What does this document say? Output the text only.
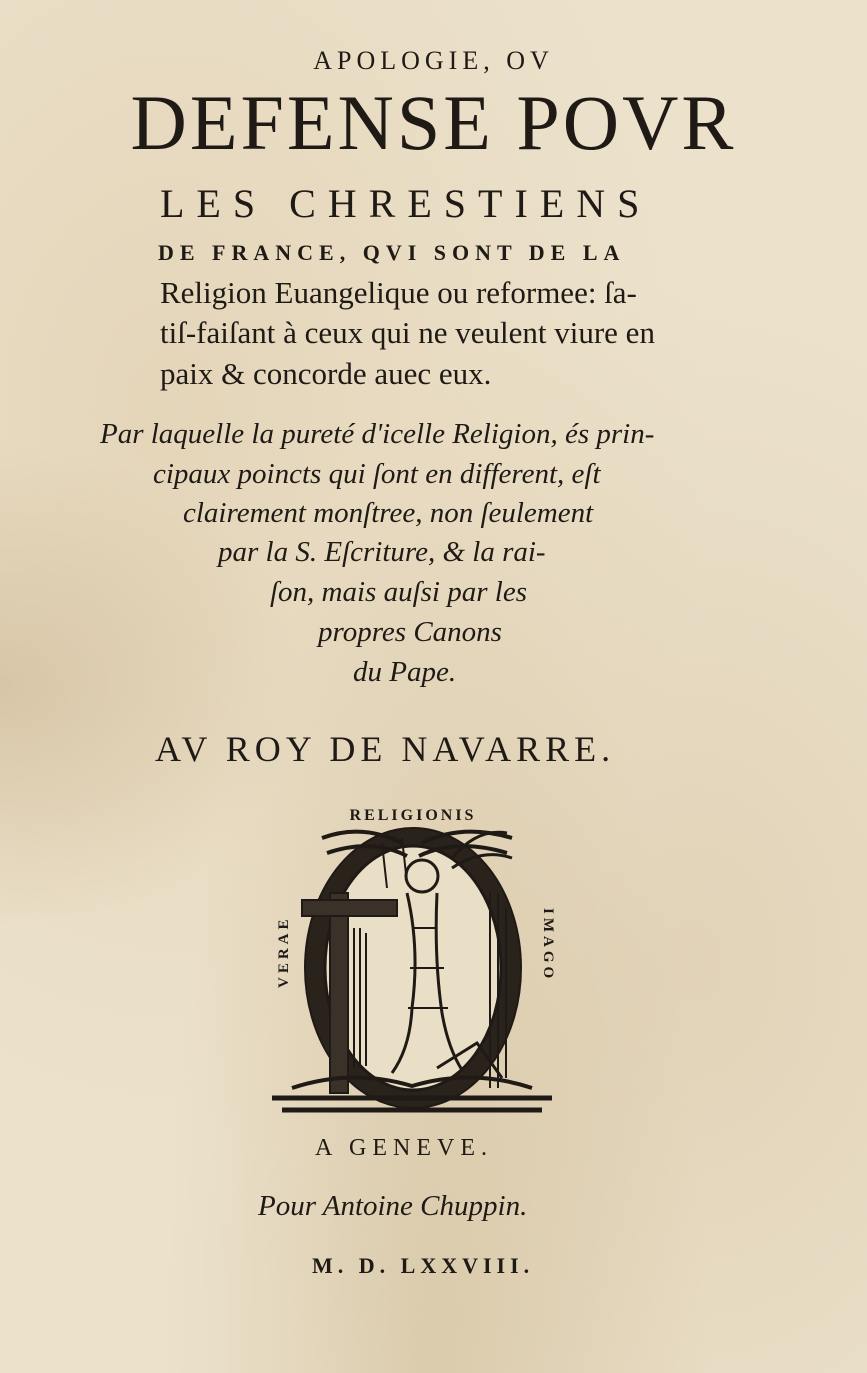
APOLOGIE, OV

DEFENSE POVR

LES CHRESTIENS

DE FRANCE, QVI SONT DE LA

Religion Euangelique ou reformee: ſa-

tiſ-faiſant à ceux qui ne veulent viure en

paix & concorde auec eux.

Par laquelle la pureté d'icelle Religion, és prin-

cipaux poincts qui ſont en different, eſt

clairement monſtree, non ſeulement

par la S. Eſcriture, & la rai-

ſon, mais auſsi par les

propres Canons

du Pape.

AV ROY DE NAVARRE.

RELIGIONIS
VERAE	IMAGO

A GENEVE.

Pour Antoine Chuppin.

M. D. LXXVIII.
